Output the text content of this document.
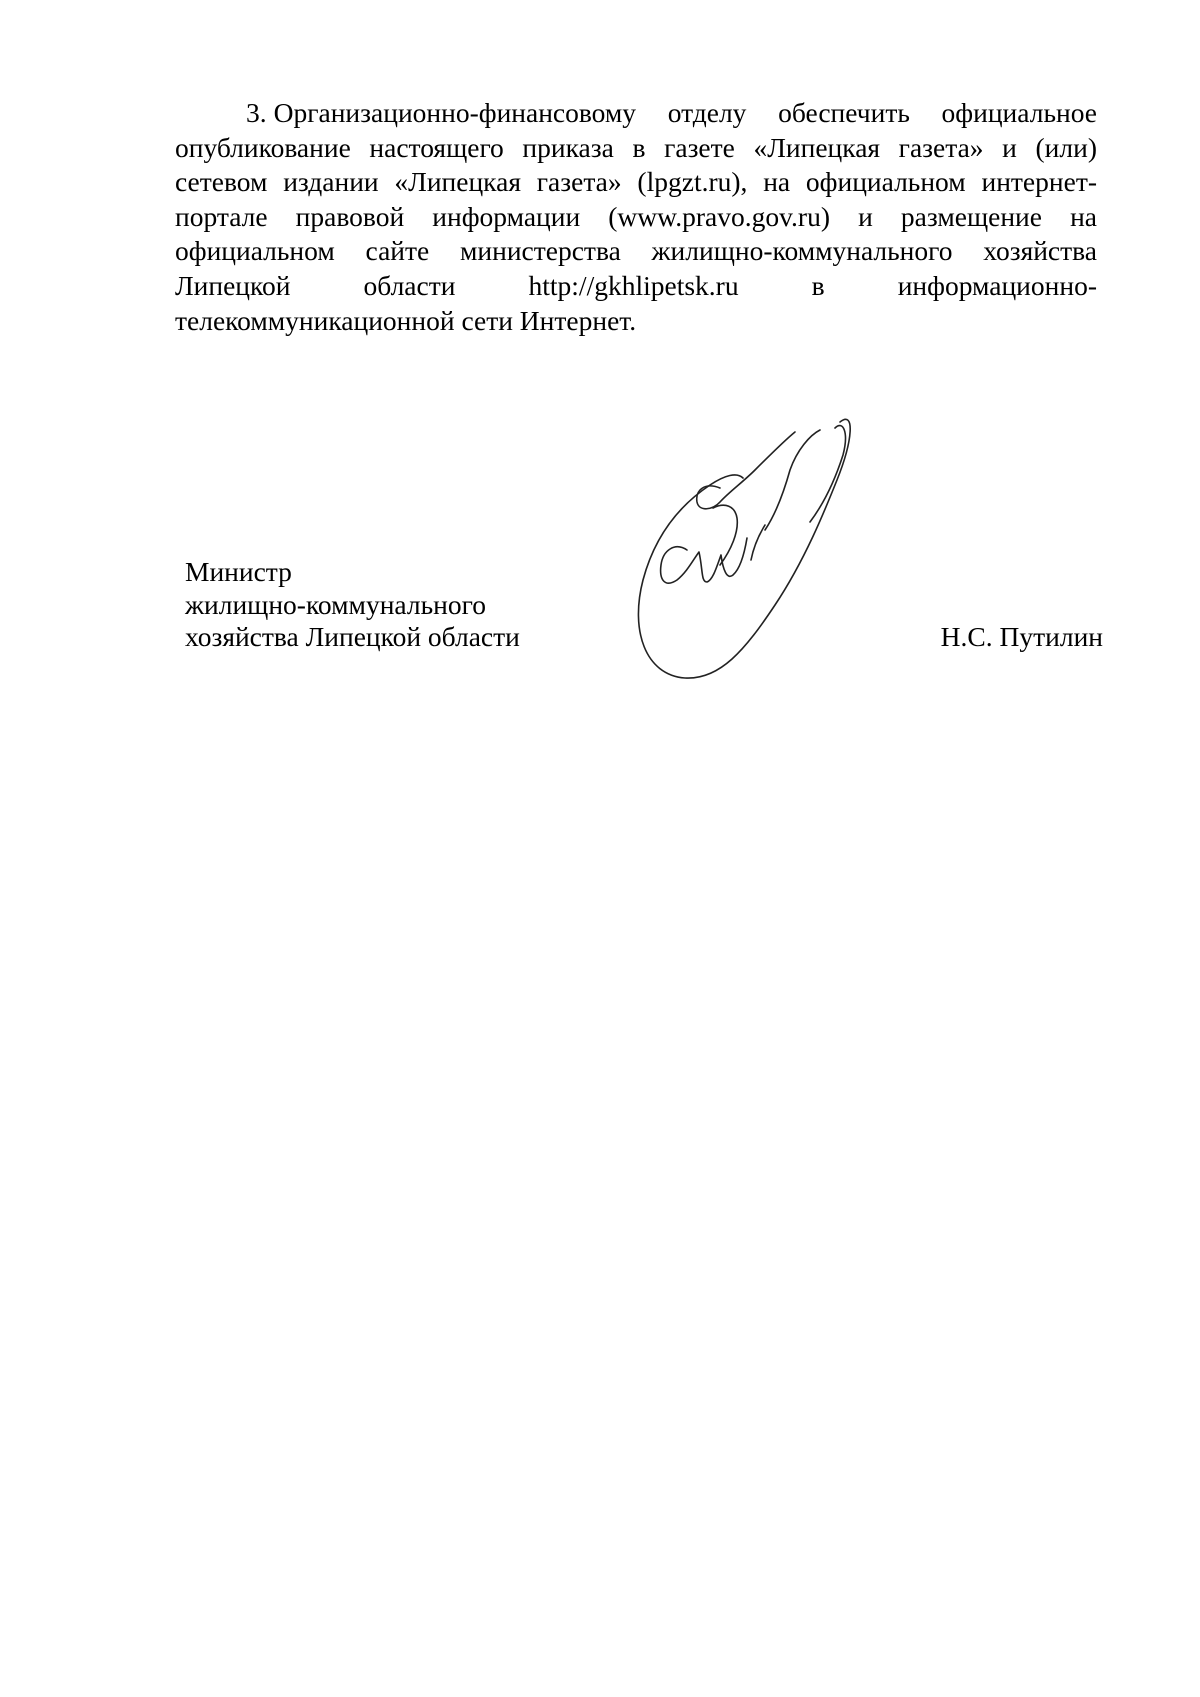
3. Организационно-финансовому отделу обеспечить официальное опубликование настоящего приказа в газете «Липецкая газета» и (или) сетевом издании «Липецкая газета» (lpgzt.ru), на официальном интернет-портале правовой информации (www.pravo.gov.ru) и размещение на официальном сайте министерства жилищно-коммунального хозяйства Липецкой области http://gkhlipetsk.ru в информационно-телекоммуникационной сети Интернет.

Министр
жилищно-коммунального
хозяйства Липецкой области	Н.С. Путилин
